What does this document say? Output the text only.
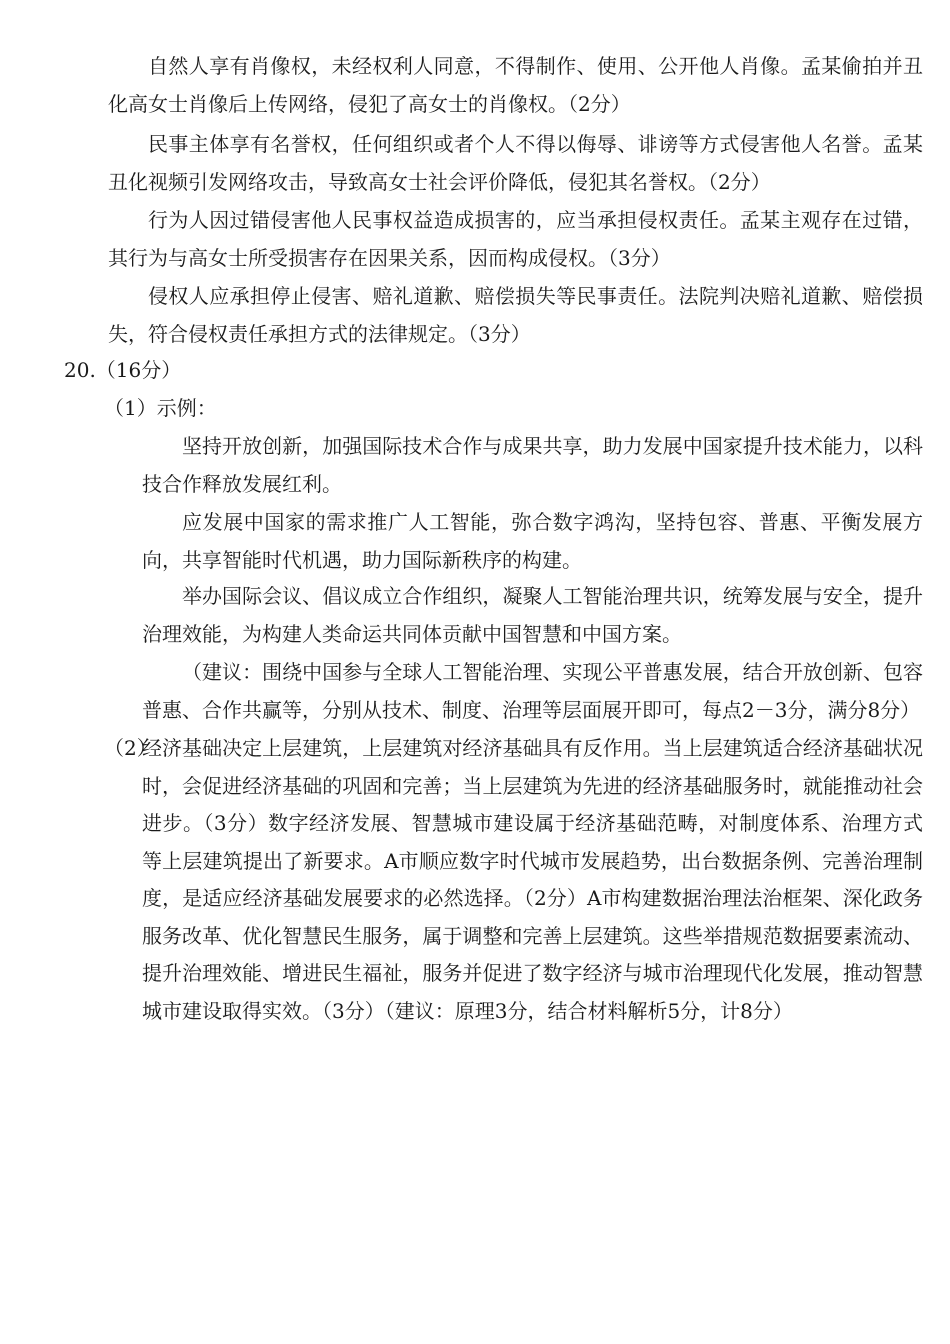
自然人享有肖像权，未经权利人同意，不得制作、使用、公开他人肖像。孟某偷拍并丑化高女士肖像后上传网络，侵犯了高女士的肖像权。（2分）

民事主体享有名誉权，任何组织或者个人不得以侮辱、诽谤等方式侵害他人名誉。孟某丑化视频引发网络攻击，导致高女士社会评价降低，侵犯其名誉权。（2分）

行为人因过错侵害他人民事权益造成损害的，应当承担侵权责任。孟某主观存在过错，其行为与高女士所受损害存在因果关系，因而构成侵权。（3分）

侵权人应承担停止侵害、赔礼道歉、赔偿损失等民事责任。法院判决赔礼道歉、赔偿损失，符合侵权责任承担方式的法律规定。（3分）

20.（16分）

（1）示例：

坚持开放创新，加强国际技术合作与成果共享，助力发展中国家提升技术能力，以科技合作释放发展红利。

应发展中国家的需求推广人工智能，弥合数字鸿沟，坚持包容、普惠、平衡发展方向，共享智能时代机遇，助力国际新秩序的构建。

举办国际会议、倡议成立合作组织，凝聚人工智能治理共识，统筹发展与安全，提升治理效能，为构建人类命运共同体贡献中国智慧和中国方案。

（建议：围绕中国参与全球人工智能治理、实现公平普惠发展，结合开放创新、包容普惠、合作共赢等，分别从技术、制度、治理等层面展开即可，每点2－3分，满分8分）

（2）
经济基础决定上层建筑，上层建筑对经济基础具有反作用。当上层建筑适合经济基础状况时，会促进经济基础的巩固和完善；当上层建筑为先进的经济基础服务时，就能推动社会进步。（3分）数字经济发展、智慧城市建设属于经济基础范畴，对制度体系、治理方式等上层建筑提出了新要求。A市顺应数字时代城市发展趋势，出台数据条例、完善治理制度，是适应经济基础发展要求的必然选择。（2分）A市构建数据治理法治框架、深化政务服务改革、优化智慧民生服务，属于调整和完善上层建筑。这些举措规范数据要素流动、提升治理效能、增进民生福祉，服务并促进了数字经济与城市治理现代化发展，推动智慧城市建设取得实效。（3分）（建议：原理3分，结合材料解析5分，计8分）
